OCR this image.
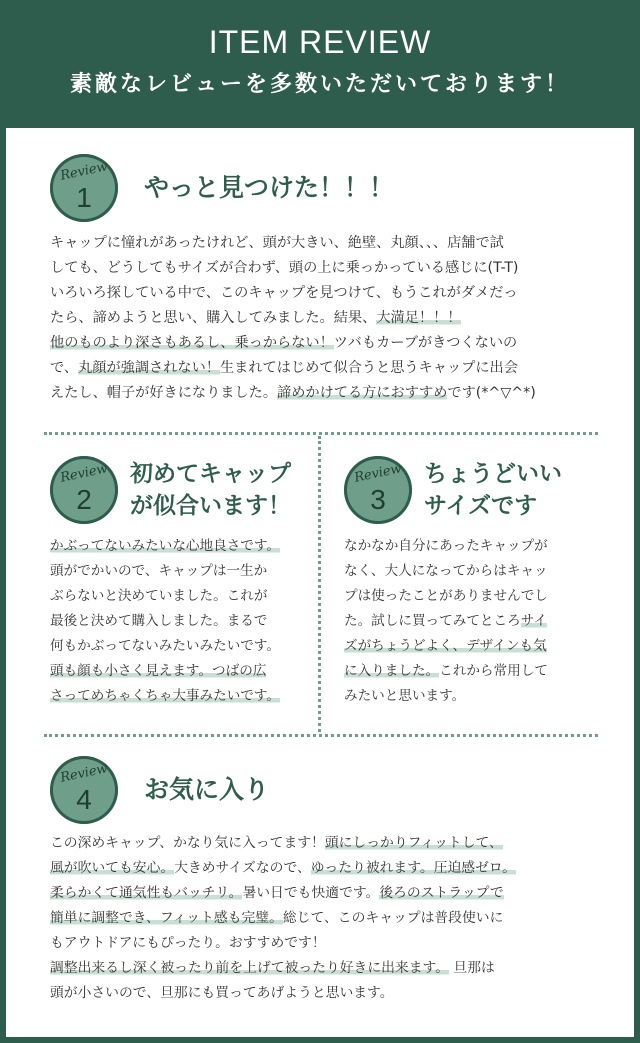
ITEM REVIEW
素敵なレビューを多数いただいております！
Review
1	やっと見つけた！！！
キャップに憧れがあったけれど、頭が大きい、絶壁、丸顔、、、店舗で試
しても、どうしてもサイズが合わず、頭の上に乗っかっている感じに(T-T)
いろいろ探している中で、このキャップを見つけて、もうこれがダメだっ
たら、諦めようと思い、購入してみました。結果、大満足！！！
他のものより深さもあるし、乗っからない！ツバもカーブがきつくないの
で、丸顔が強調されない！生まれてはじめて似合うと思うキャップに出会
えたし、帽子が好きになりました。諦めかけてる方におすすめです(*^▽^*)
Review
2
初めてキャップ
が似合います！
かぶってないみたいな心地良さです。
頭がでかいので、キャップは一生か
ぶらないと決めていました。これが
最後と決めて購入しました。まるで
何もかぶってないみたいみたいです。
頭も顔も小さく見えます。つばの広
さってめちゃくちゃ大事みたいです。
Review
3
ちょうどいい
サイズです
なかなか自分にあったキャップが
なく、大人になってからはキャッ
プは使ったことがありませんでし
た。試しに買ってみてところサイ
ズがちょうどよく、デザインも気
に入りました。これから常用して
みたいと思います。
Review
4	お気に入り
この深めキャップ、かなり気に入ってます！頭にしっかりフィットして、
風が吹いても安心。大きめサイズなので、ゆったり被れます。圧迫感ゼロ。
柔らかくて通気性もバッチリ。暑い日でも快適です。後ろのストラップで
簡単に調整でき、フィット感も完璧。総じて、このキャップは普段使いに
もアウトドアにもぴったり。おすすめです！
調整出来るし深く被ったり前を上げて被ったり好きに出来ます。 旦那は
頭が小さいので、旦那にも買ってあげようと思います。
